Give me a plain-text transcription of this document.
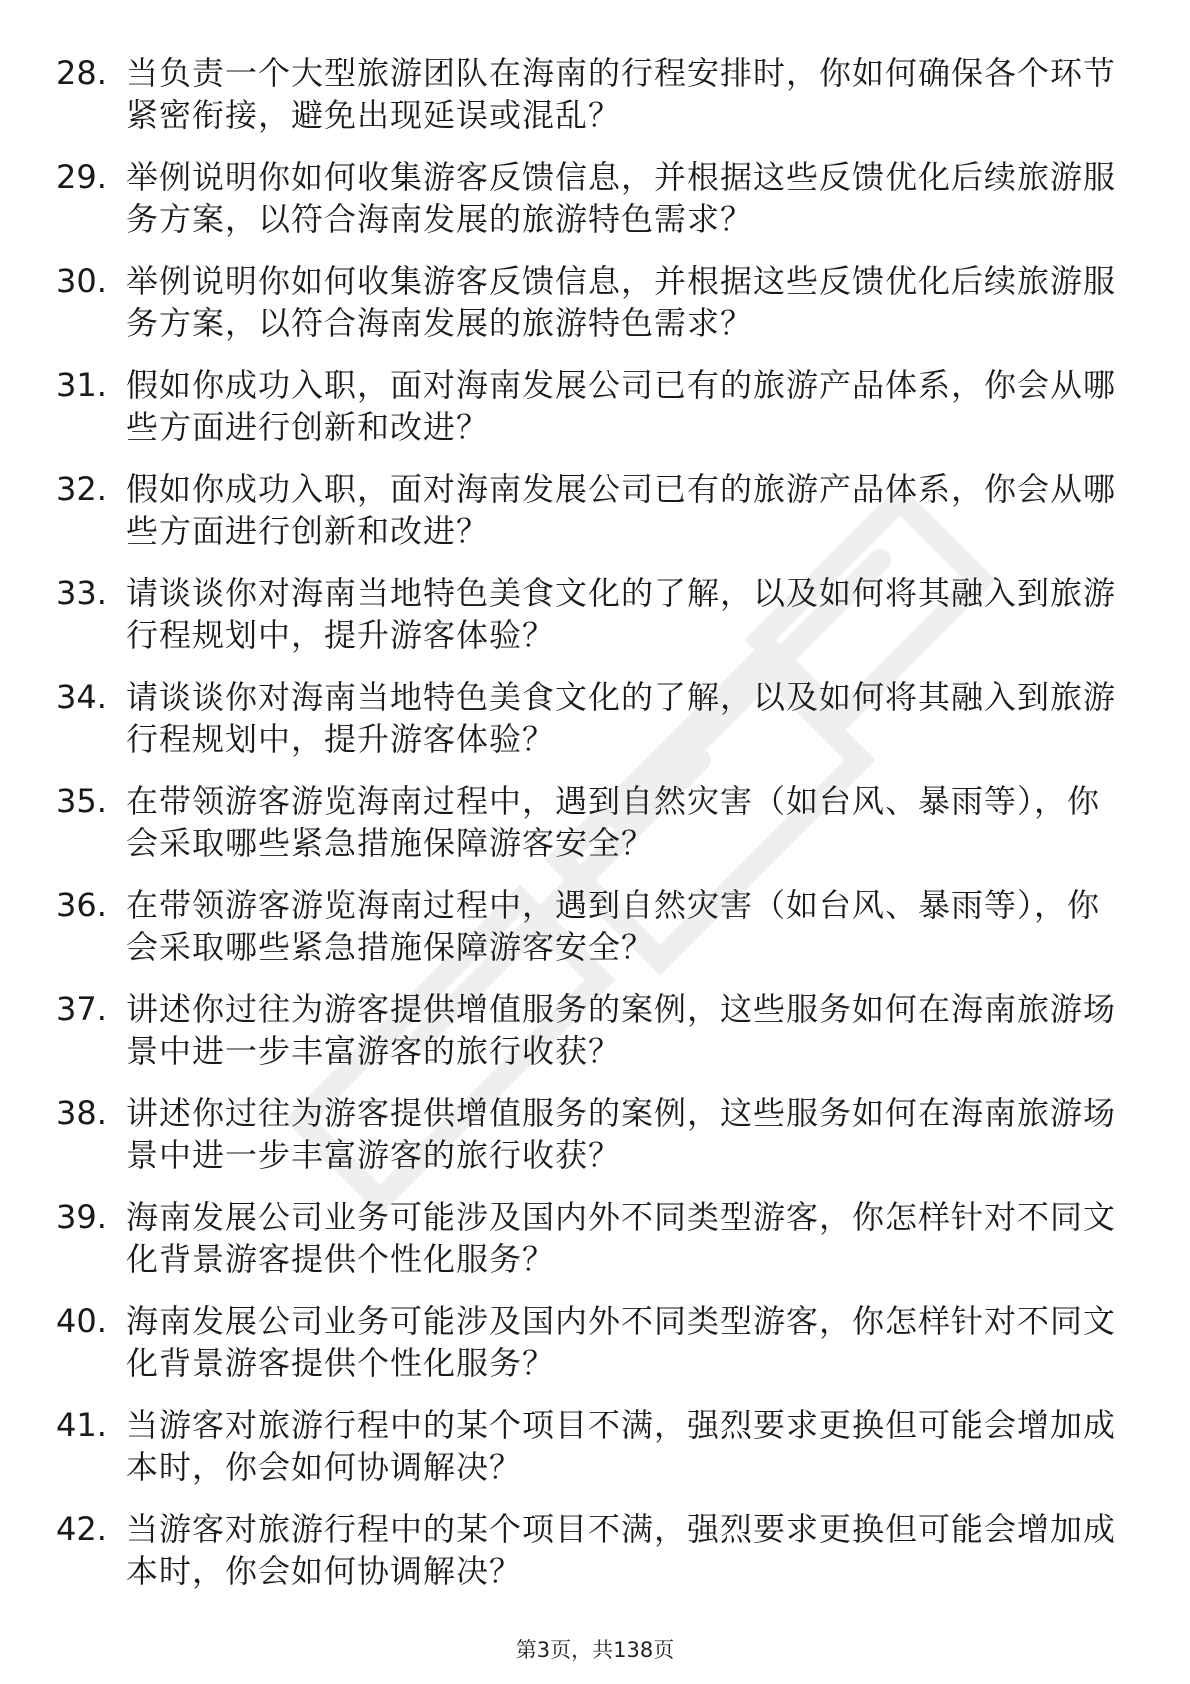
28. 当负责一个大型旅游团队在海南的行程安排时，你如何确保各个环节紧密衔接，避免出现延误或混乱？
29. 举例说明你如何收集游客反馈信息，并根据这些反馈优化后续旅游服务方案，以符合海南发展的旅游特色需求？
30. 举例说明你如何收集游客反馈信息，并根据这些反馈优化后续旅游服务方案，以符合海南发展的旅游特色需求？
31. 假如你成功入职，面对海南发展公司已有的旅游产品体系，你会从哪些方面进行创新和改进？
32. 假如你成功入职，面对海南发展公司已有的旅游产品体系，你会从哪些方面进行创新和改进？
33. 请谈谈你对海南当地特色美食文化的了解，以及如何将其融入到旅游行程规划中，提升游客体验？
34. 请谈谈你对海南当地特色美食文化的了解，以及如何将其融入到旅游行程规划中，提升游客体验？
35. 在带领游客游览海南过程中，遇到自然灾害（如台风、暴雨等），你会采取哪些紧急措施保障游客安全？
36. 在带领游客游览海南过程中，遇到自然灾害（如台风、暴雨等），你会采取哪些紧急措施保障游客安全？
37. 讲述你过往为游客提供增值服务的案例，这些服务如何在海南旅游场景中进一步丰富游客的旅行收获？
38. 讲述你过往为游客提供增值服务的案例，这些服务如何在海南旅游场景中进一步丰富游客的旅行收获？
39. 海南发展公司业务可能涉及国内外不同类型游客，你怎样针对不同文化背景游客提供个性化服务？
40. 海南发展公司业务可能涉及国内外不同类型游客，你怎样针对不同文化背景游客提供个性化服务？
41. 当游客对旅游行程中的某个项目不满，强烈要求更换但可能会增加成本时，你会如何协调解决？
42. 当游客对旅游行程中的某个项目不满，强烈要求更换但可能会增加成本时，你会如何协调解决？
第3页，共138页
